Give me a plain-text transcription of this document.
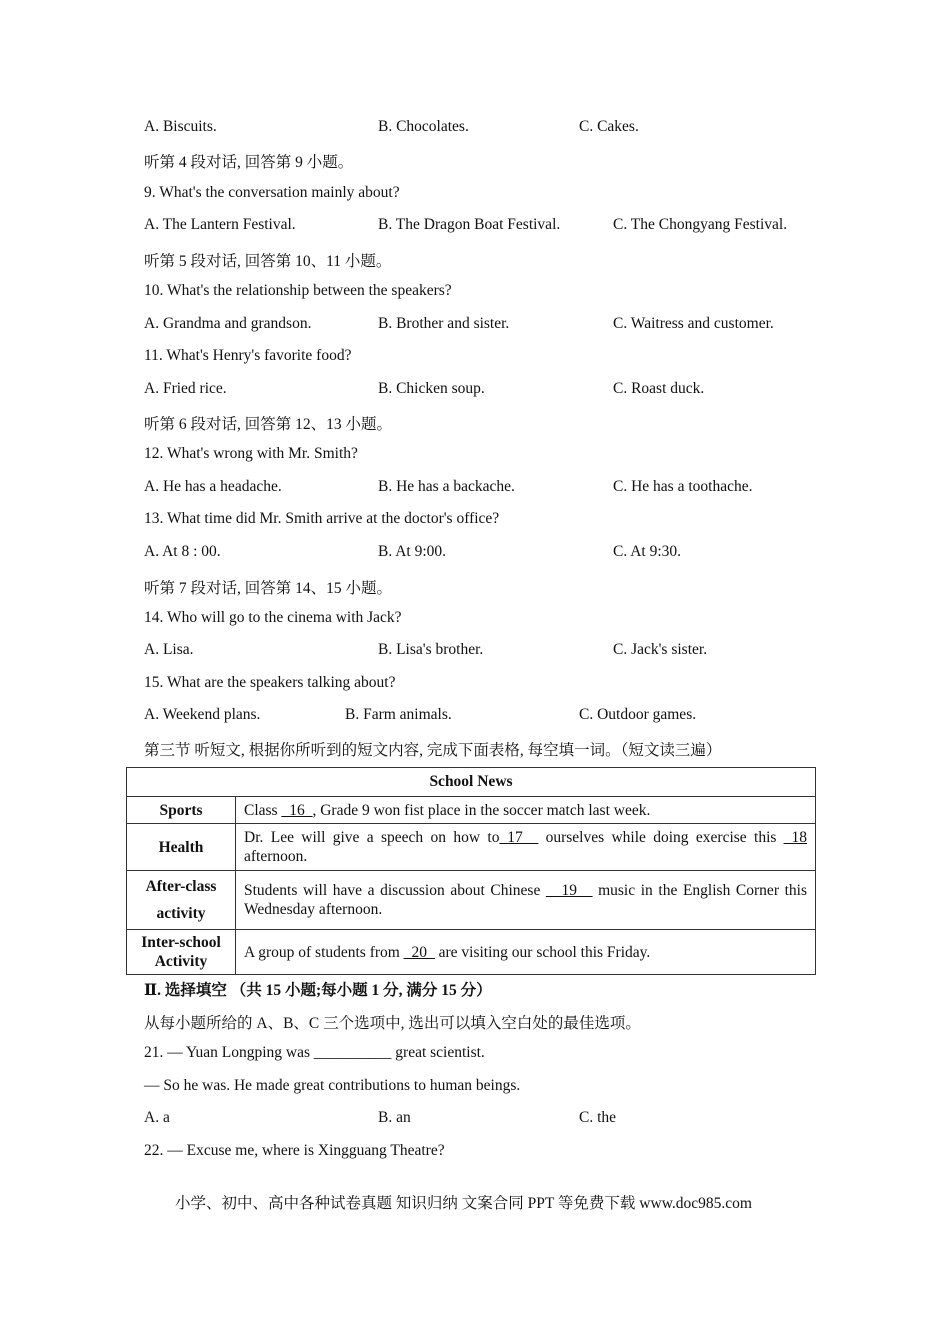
A. Biscuits.	B. Chocolates.	C. Cakes.
听第 4 段对话, 回答第 9 小题。
9. What's the conversation mainly about?
A. The Lantern Festival.	B. The Dragon Boat Festival.	C. The Chongyang Festival.
听第 5 段对话, 回答第 10、11 小题。
10. What's the relationship between the speakers?
A. Grandma and grandson.	B. Brother and sister.	C. Waitress and customer.
11. What's Henry's favorite food?
A. Fried rice.	B. Chicken soup.	C. Roast duck.
听第 6 段对话, 回答第 12、13 小题。
12. What's wrong with Mr. Smith?
A. He has a headache.	B. He has a backache.	C. He has a toothache.
13. What time did Mr. Smith arrive at the doctor's office?
A. At 8 : 00.	B. At 9:00.	C. At 9:30.
听第 7 段对话, 回答第 14、15 小题。
14. Who will go to the cinema with Jack?
A. Lisa.	B. Lisa's brother.	C. Jack's sister.
15. What are the speakers talking about?
A. Weekend plans.	B. Farm animals.	C. Outdoor games.
第三节 听短文, 根据你所听到的短文内容, 完成下面表格, 每空填一词。（短文读三遍）
School News	
Sports	Class _16_, Grade 9 won fist place in the soccer match last week.
Health	Dr. Lee will give a speech on how to_17__ ourselves while doing exercise this _18 afternoon.
After-class
activity	Students will have a discussion about Chinese __19__ music in the English Corner this Wednesday afternoon.
Inter-school
Activity	A group of students from _20_ are visiting our school this Friday.
Ⅱ. 选择填空 （共 15 小题;每小题 1 分, 满分 15 分）
从每小题所给的 A、B、C 三个选项中, 选出可以填入空白处的最佳选项。
21. — Yuan Longping was __________ great scientist.
— So he was. He made great contributions to human beings.
A. a	B. an	C. the
22. — Excuse me, where is Xingguang Theatre?
小学、初中、高中各种试卷真题 知识归纳 文案合同 PPT 等免费下载 www.doc985.com
